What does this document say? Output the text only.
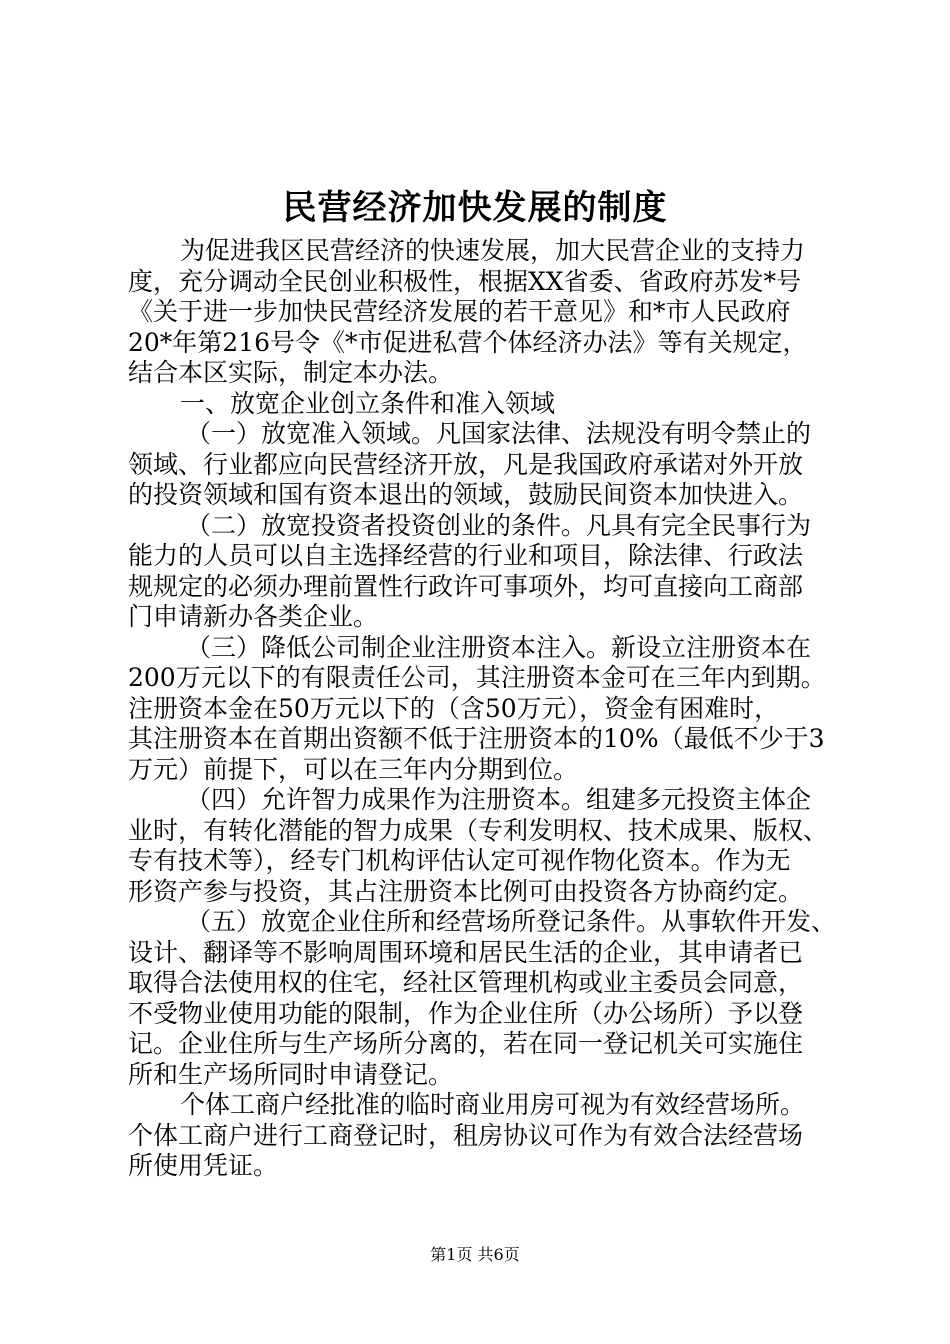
民营经济加快发展的制度
为促进我区民营经济的快速发展，加大民营企业的支持力
度，充分调动全民创业积极性，根据XX省委、省政府苏发*号
《关于进一步加快民营经济发展的若干意见》和*市人民政府
20*年第216号令《*市促进私营个体经济办法》等有关规定，
结合本区实际，制定本办法。
一、放宽企业创立条件和准入领域
（一）放宽准入领域。凡国家法律、法规没有明令禁止的
领域、行业都应向民营经济开放，凡是我国政府承诺对外开放
的投资领域和国有资本退出的领域，鼓励民间资本加快进入。
（二）放宽投资者投资创业的条件。凡具有完全民事行为
能力的人员可以自主选择经营的行业和项目，除法律、行政法
规规定的必须办理前置性行政许可事项外，均可直接向工商部
门申请新办各类企业。
（三）降低公司制企业注册资本注入。新设立注册资本在
200万元以下的有限责任公司，其注册资本金可在三年内到期。
注册资本金在50万元以下的（含50万元），资金有困难时，
其注册资本在首期出资额不低于注册资本的10%（最低不少于3
万元）前提下，可以在三年内分期到位。
（四）允许智力成果作为注册资本。组建多元投资主体企
业时，有转化潜能的智力成果（专利发明权、技术成果、版权、
专有技术等），经专门机构评估认定可视作物化资本。作为无
形资产参与投资，其占注册资本比例可由投资各方协商约定。
（五）放宽企业住所和经营场所登记条件。从事软件开发、
设计、翻译等不影响周围环境和居民生活的企业，其申请者已
取得合法使用权的住宅，经社区管理机构或业主委员会同意，
不受物业使用功能的限制，作为企业住所（办公场所）予以登
记。企业住所与生产场所分离的，若在同一登记机关可实施住
所和生产场所同时申请登记。
个体工商户经批准的临时商业用房可视为有效经营场所。
个体工商户进行工商登记时，租房协议可作为有效合法经营场
所使用凭证。
第1页 共6页
